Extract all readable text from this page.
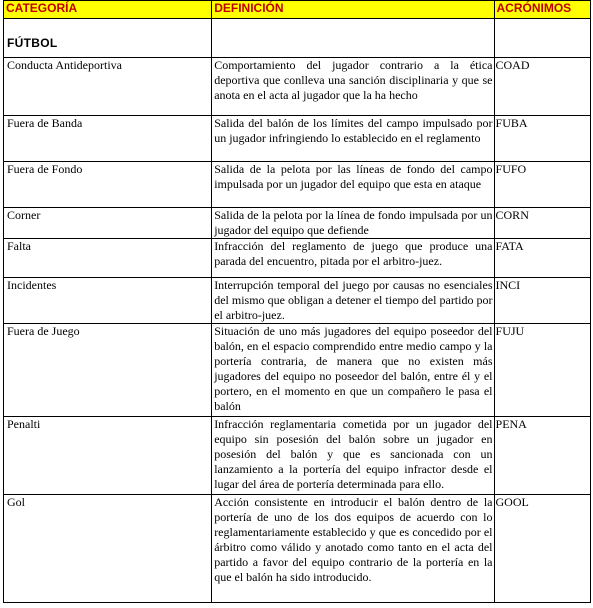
CATEGORÍA	DEFINICIÓN	ACRÓNIMOS

FÚTBOL		

Conducta Antideportiva	Comportamiento del jugador contrario a la ética deportiva que conlleva una sanción disciplinaria y que se anota en el acta al jugador que la ha hecho	COAD
Fuera de Banda	Salida del balón de los límites del campo impulsado por un jugador infringiendo lo establecido en el reglamento	FUBA
Fuera de Fondo	Salida de la pelota por las líneas de fondo del campo impulsada por un jugador del equipo que esta en ataque	FUFO
Corner	Salida de la pelota por la línea de fondo impulsada por un jugador del equipo que defiende	CORN
Falta	Infracción del reglamento de juego que produce una parada del encuentro, pitada por el arbitro-juez.	FATA
Incidentes	Interrupción temporal del juego por causas no esenciales del mismo que obligan a detener el tiempo del partido por el arbitro-juez.	INCI
Fuera de Juego	Situación de uno más jugadores del equipo poseedor del balón, en el espacio comprendido entre medio campo y la portería contraria, de manera que no existen más jugadores del equipo no poseedor del balón, entre él y el portero, en el momento en que un compañero le pasa el balón	FUJU
Penalti	Infracción reglamentaria cometida por un jugador del equipo sin posesión del balón sobre un jugador en posesión del balón y que es sancionada con un lanzamiento a la portería del equipo infractor desde el lugar del área de portería determinada para ello.	PENA
Gol	Acción consistente en introducir el balón dentro de la portería de uno de los dos equipos de acuerdo con lo reglamentariamente establecido y que es concedido por el árbitro como válido y anotado como tanto en el acta del partido a favor del equipo contrario de la portería en la que el balón ha sido introducido.	GOOL
